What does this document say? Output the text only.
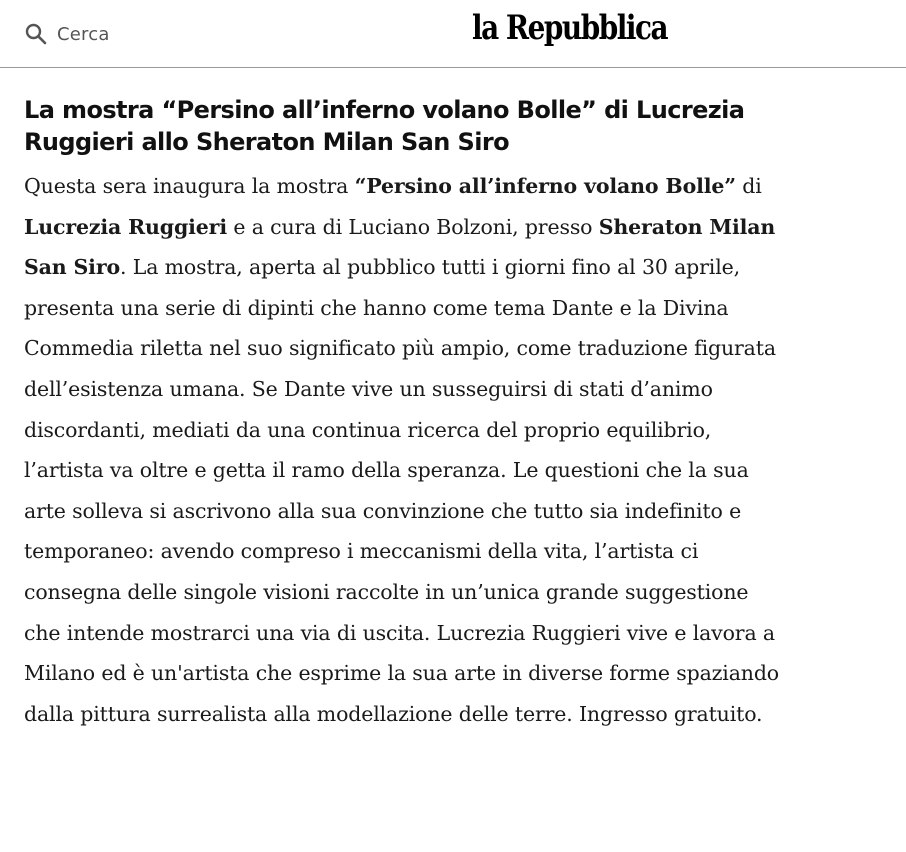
Cerca	la Repubblica
La mostra “Persino all’inferno volano Bolle” di Lucrezia Ruggieri allo Sheraton Milan San Siro

Questa sera inaugura la mostra “Persino all’inferno volano Bolle” di Lucrezia Ruggieri e a cura di Luciano Bolzoni, presso Sheraton Milan San Siro. La mostra, aperta al pubblico tutti i giorni fino al 30 aprile, presenta una serie di dipinti che hanno come tema Dante e la Divina Commedia riletta nel suo significato più ampio, come traduzione figurata dell’esistenza umana. Se Dante vive un susseguirsi di stati d’animo discordanti, mediati da una continua ricerca del proprio equilibrio, l’artista va oltre e getta il ramo della speranza. Le questioni che la sua arte solleva si ascrivono alla sua convinzione che tutto sia indefinito e temporaneo: avendo compreso i meccanismi della vita, l’artista ci consegna delle singole visioni raccolte in un’unica grande suggestione che intende mostrarci una via di uscita. Lucrezia Ruggieri vive e lavora a Milano ed è un'artista che esprime la sua arte in diverse forme spaziando dalla pittura surrealista alla modellazione delle terre. Ingresso gratuito.
